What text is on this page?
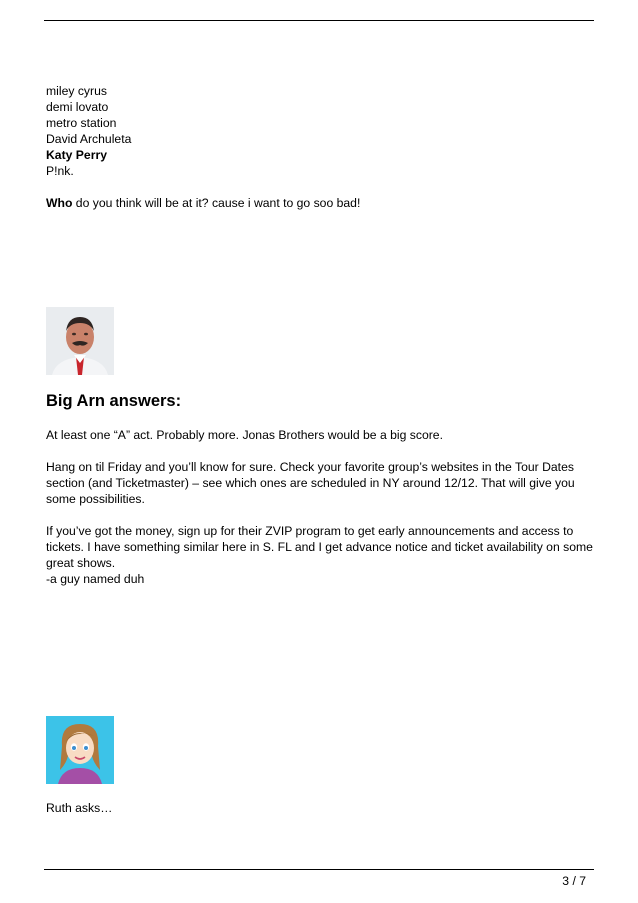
miley cyrus
demi lovato
metro station
David Archuleta
Katy Perry
P!nk.
Who do you think will be at it? cause i want to go soo bad!
Big Arn answers:

At least one “A” act. Probably more. Jonas Brothers would be a big score.

Hang on til Friday and you’ll know for sure. Check your favorite group’s websites in the Tour Dates section (and Ticketmaster) – see which ones are scheduled in NY around 12/12. That will give you some possibilities.

If you’ve got the money, sign up for their ZVIP program to get early announcements and access to tickets. I have something similar here in S. FL and I get advance notice and ticket availability on some great shows.

-a guy named duh

Ruth asks…

3 / 7
